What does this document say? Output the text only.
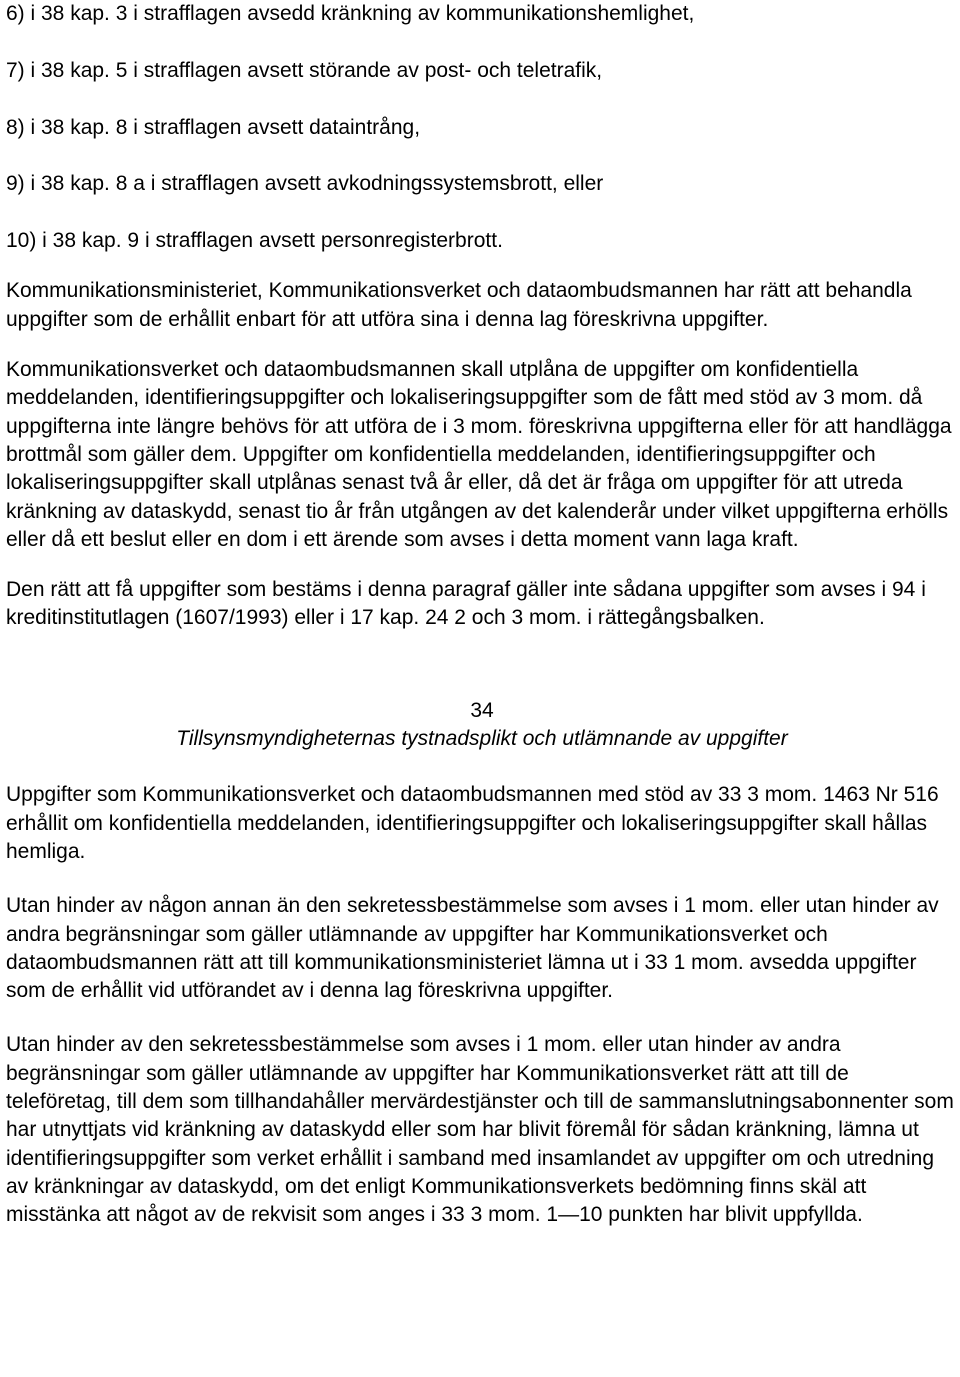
6) i 38 kap. 3 i strafflagen avsedd kränkning av kommunikationshemlighet,

7) i 38 kap. 5 i strafflagen avsett störande av post- och teletrafik,

8) i 38 kap. 8 i strafflagen avsett dataintrång,

9) i 38 kap. 8 a i strafflagen avsett avkodningssystemsbrott, eller

10) i 38 kap. 9 i strafflagen avsett personregisterbrott.

Kommunikationsministeriet, Kommunikationsverket och dataombudsmannen har rätt att behandla uppgifter som de erhållit enbart för att utföra sina i denna lag föreskrivna uppgifter.

Kommunikationsverket och dataombudsmannen skall utplåna de uppgifter om konfidentiella meddelanden, identifieringsuppgifter och lokaliseringsuppgifter som de fått med stöd av 3 mom. då uppgifterna inte längre behövs för att utföra de i 3 mom. föreskrivna uppgifterna eller för att handlägga brottmål som gäller dem. Uppgifter om konfidentiella meddelanden, identifieringsuppgifter och lokaliseringsuppgifter skall utplånas senast två år eller, då det är fråga om uppgifter för att utreda kränkning av dataskydd, senast tio år från utgången av det kalenderår under vilket uppgifterna erhölls eller då ett beslut eller en dom i ett ärende som avses i detta moment vann laga kraft.

Den rätt att få uppgifter som bestäms i denna paragraf gäller inte sådana uppgifter som avses i 94 i kreditinstitutlagen (1607/1993) eller i 17 kap. 24 2 och 3 mom. i rättegångsbalken.

34

Tillsynsmyndigheternas tystnadsplikt och utlämnande av uppgifter

Uppgifter som Kommunikationsverket och dataombudsmannen med stöd av 33 3 mom. 1463 Nr 516 erhållit om konfidentiella meddelanden, identifieringsuppgifter och lokaliseringsuppgifter skall hållas hemliga.

Utan hinder av någon annan än den sekretessbestämmelse som avses i 1 mom. eller utan hinder av andra begränsningar som gäller utlämnande av uppgifter har Kommunikationsverket och dataombudsmannen rätt att till kommunikationsministeriet lämna ut i 33 1 mom. avsedda uppgifter som de erhållit vid utförandet av i denna lag föreskrivna uppgifter.

Utan hinder av den sekretessbestämmelse som avses i 1 mom. eller utan hinder av andra begränsningar som gäller utlämnande av uppgifter har Kommunikationsverket rätt att till de teleföretag, till dem som tillhandahåller mervärdestjänster och till de sammanslutningsabonnenter som har utnyttjats vid kränkning av dataskydd eller som har blivit föremål för sådan kränkning, lämna ut identifieringsuppgifter som verket erhållit i samband med insamlandet av uppgifter om och utredning av kränkningar av dataskydd, om det enligt Kommunikationsverkets bedömning finns skäl att misstänka att något av de rekvisit som anges i 33 3 mom. 1—10 punkten har blivit uppfyllda.
